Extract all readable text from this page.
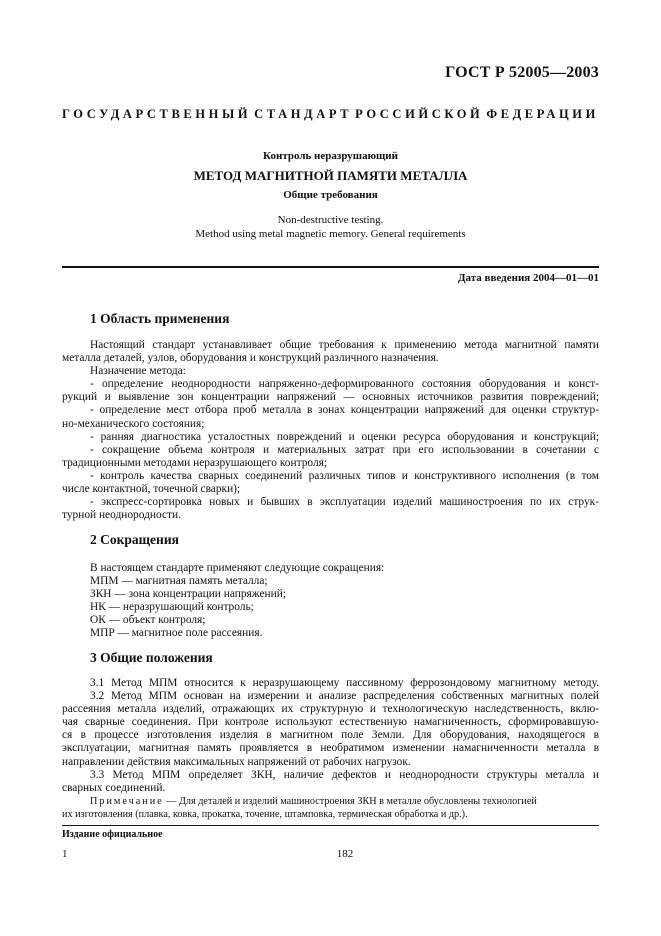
ГОСТ Р 52005—2003
ГОСУДАРСТВЕННЫЙ СТАНДАРТ РОССИЙСКОЙ ФЕДЕРАЦИИ
Контроль неразрушающий
МЕТОД МАГНИТНОЙ ПАМЯТИ МЕТАЛЛА
Общие требования
Non-destructive testing.
Method using metal magnetic memory. General requirements
Дата введения 2004—01—01
1 Область применения
Настоящий стандарт устанавливает общие требования к применению метода магнитной памяти
металла деталей, узлов, оборудования и конструкций различного назначения.
Назначение метода:
- определение неоднородности напряженно-деформированного состояния оборудования и конст-
рукций и выявление зон концентрации напряжений — основных источников развития повреждений;
- определение мест отбора проб металла в зонах концентрации напряжений для оценки структур-
но-механического состояния;
- ранняя диагностика усталостных повреждений и оценки ресурса оборудования и конструкций;
- сокращение объема контроля и материальных затрат при его использовании в сочетании с
традиционными методами неразрушающего контроля;
- контроль качества сварных соединений различных типов и конструктивного исполнения (в том
числе контактной, точечной сварки);
- экспресс-сортировка новых и бывших в эксплуатации изделий машиностроения по их струк-
турной неоднородности.
2 Сокращения
В настоящем стандарте применяют следующие сокращения:
МПМ — магнитная память металла;
ЗКН — зона концентрации напряжений;
НК — неразрушающий контроль;
ОК — объект контроля;
МПР — магнитное поле рассеяния.
3 Общие положения
3.1 Метод МПМ относится к неразрушающему пассивному феррозондовому магнитному методу.
3.2 Метод МПМ основан на измерении и анализе распределения собственных магнитных полей
рассеяния металла изделий, отражающих их структурную и технологическую наследственность, вклю-
чая сварные соединения. При контроле используют естественную намагниченность, сформировавшую-
ся в процессе изготовления изделия в магнитном поле Земли. Для оборудования, находящегося в
эксплуатации, магнитная память проявляется в необратимом изменении намагниченности металла в
направлении действия максимальных напряжений от рабочих нагрузок.
3.3 Метод МПМ определяет ЗКН, наличие дефектов и неоднородности структуры металла и
сварных соединений.
Примечание — Для деталей и изделий машиностроения ЗКН в металле обусловлены технологией
их изготовления (плавка, ковка, прокатка, точение, штамповка, термическая обработка и др.).
Издание официальное
1	182
